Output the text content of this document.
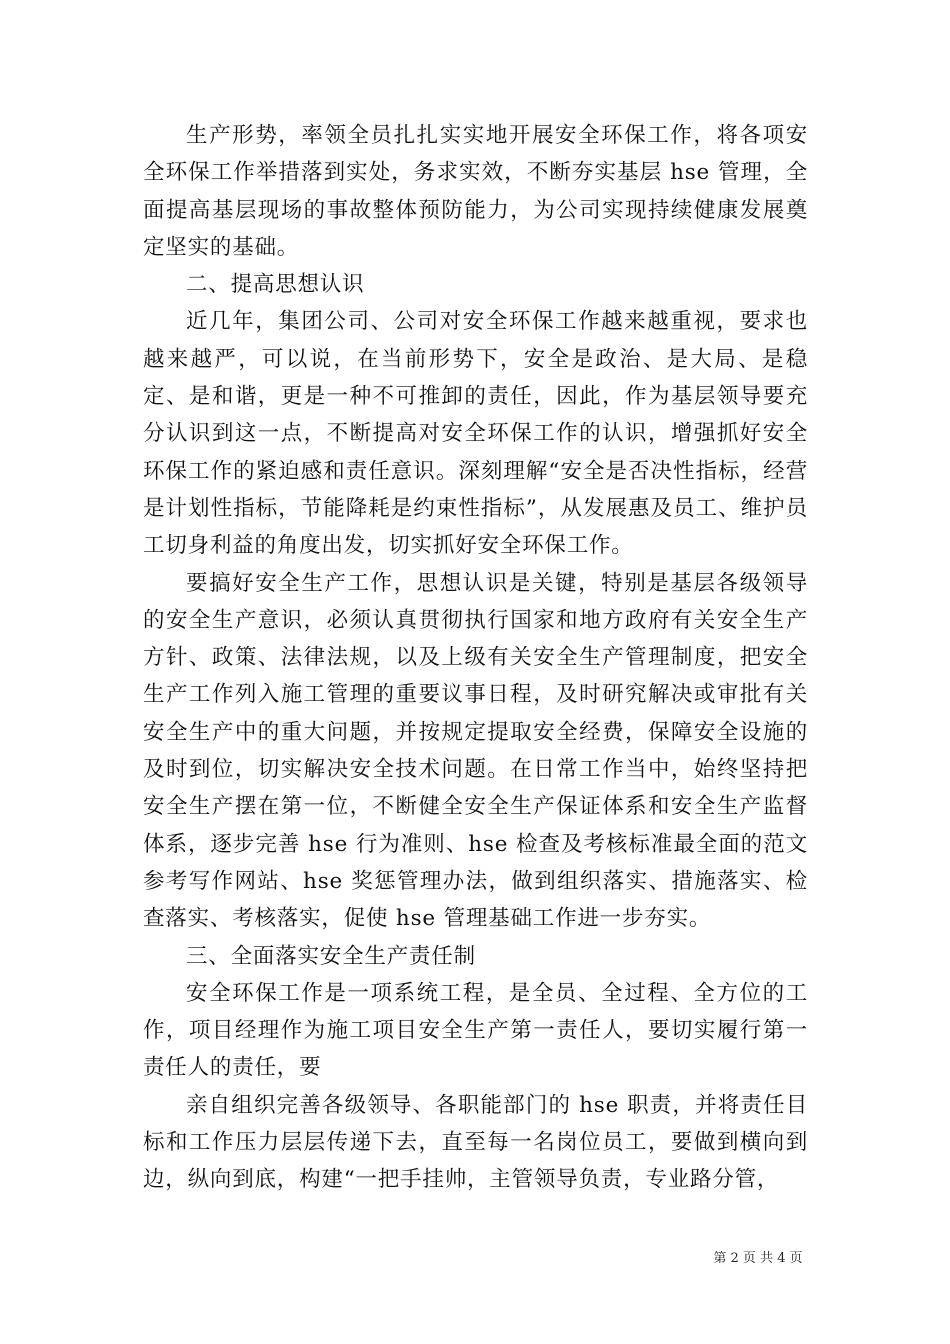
生产形势，率领全员扎扎实实地开展安全环保工作，将各项安全环保工作举措落到实处，务求实效，不断夯实基层 hse 管理，全面提高基层现场的事故整体预防能力，为公司实现持续健康发展奠定坚实的基础。

二、提高思想认识

近几年，集团公司、公司对安全环保工作越来越重视，要求也越来越严，可以说，在当前形势下，安全是政治、是大局、是稳定、是和谐，更是一种不可推卸的责任，因此，作为基层领导要充分认识到这一点，不断提高对安全环保工作的认识，增强抓好安全环保工作的紧迫感和责任意识。深刻理解“安全是否决性指标，经营是计划性指标，节能降耗是约束性指标”，从发展惠及员工、维护员工切身利益的角度出发，切实抓好安全环保工作。

要搞好安全生产工作，思想认识是关键，特别是基层各级领导的安全生产意识，必须认真贯彻执行国家和地方政府有关安全生产方针、政策、法律法规，以及上级有关安全生产管理制度，把安全生产工作列入施工管理的重要议事日程，及时研究解决或审批有关安全生产中的重大问题，并按规定提取安全经费，保障安全设施的及时到位，切实解决安全技术问题。在日常工作当中，始终坚持把安全生产摆在第一位，不断健全安全生产保证体系和安全生产监督体系，逐步完善 hse 行为准则、hse 检查及考核标准最全面的范文参考写作网站、hse 奖惩管理办法，做到组织落实、措施落实、检查落实、考核落实，促使 hse 管理基础工作进一步夯实。

三、全面落实安全生产责任制

安全环保工作是一项系统工程，是全员、全过程、全方位的工作，项目经理作为施工项目安全生产第一责任人，要切实履行第一责任人的责任，要

亲自组织完善各级领导、各职能部门的 hse 职责，并将责任目标和工作压力层层传递下去，直至每一名岗位员工，要做到横向到边，纵向到底，构建“一把手挂帅，主管领导负责，专业路分管，

第 2 页 共 4 页
